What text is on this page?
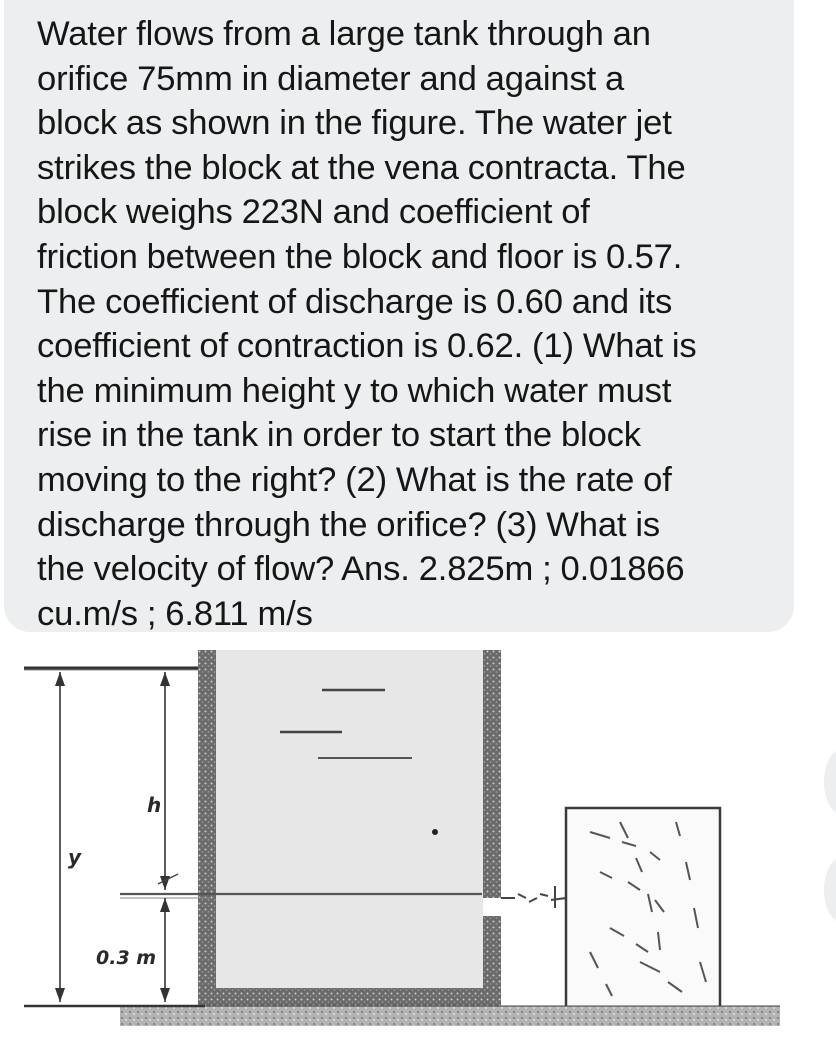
Water flows from a large tank through an
orifice 75mm in diameter and against a
block as shown in the figure. The water jet
strikes the block at the vena contracta. The
block weighs 223N and coefficient of
friction between the block and floor is 0.57.
The coefficient of discharge is 0.60 and its
coefficient of contraction is 0.62. (1) What is
the minimum height y to which water must
rise in the tank in order to start the block
moving to the right? (2) What is the rate of
discharge through the orifice? (3) What is
the velocity of flow? Ans. 2.825m ; 0.01866
cu.m/s ; 6.811 m/s

h
y
0.3 m
